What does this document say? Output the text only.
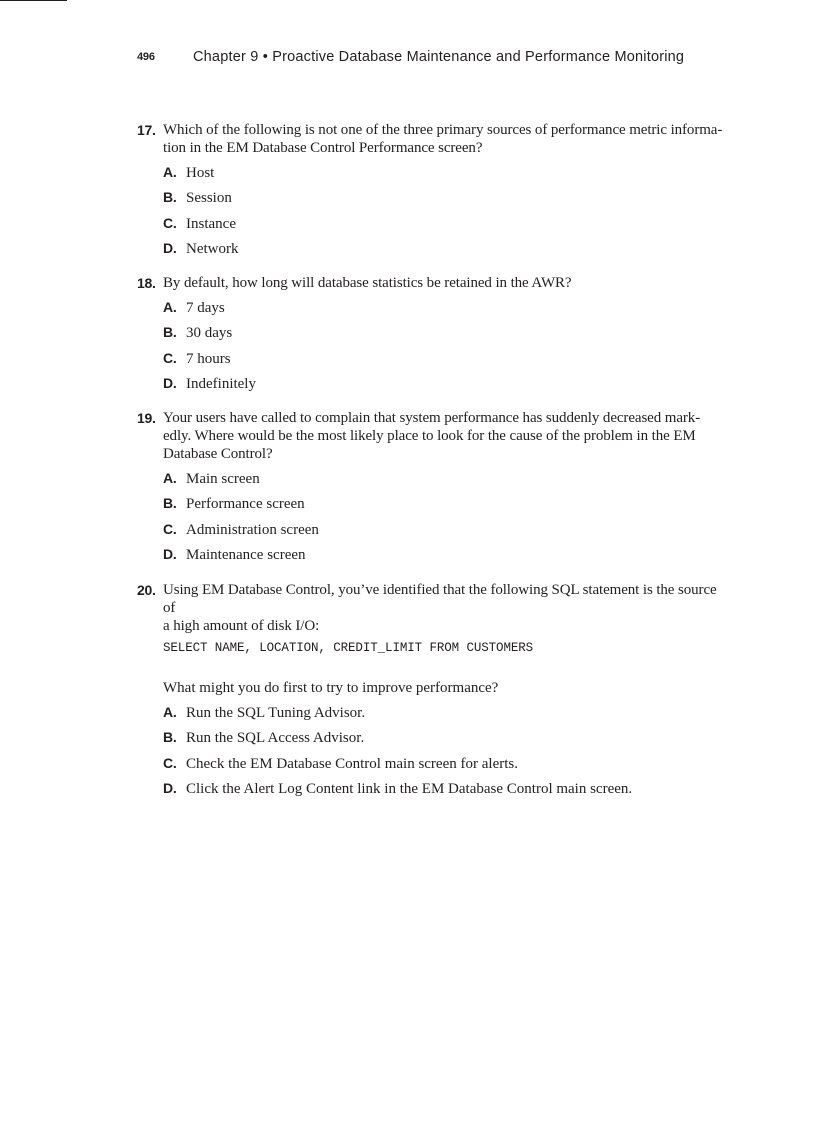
496	Chapter 9 • Proactive Database Maintenance and Performance Monitoring
17. Which of the following is not one of the three primary sources of performance metric informa-
tion in the EM Database Control Performance screen?
A. Host
B. Session
C. Instance
D. Network
18. By default, how long will database statistics be retained in the AWR?
A. 7 days
B. 30 days
C. 7 hours
D. Indefinitely
19. Your users have called to complain that system performance has suddenly decreased mark-
edly. Where would be the most likely place to look for the cause of the problem in the EM
Database Control?
A. Main screen
B. Performance screen
C. Administration screen
D. Maintenance screen
20. Using EM Database Control, you’ve identified that the following SQL statement is the source of
a high amount of disk I/O:
SELECT NAME, LOCATION, CREDIT_LIMIT FROM CUSTOMERS
What might you do first to try to improve performance?
A. Run the SQL Tuning Advisor.
B. Run the SQL Access Advisor.
C. Check the EM Database Control main screen for alerts.
D. Click the Alert Log Content link in the EM Database Control main screen.
